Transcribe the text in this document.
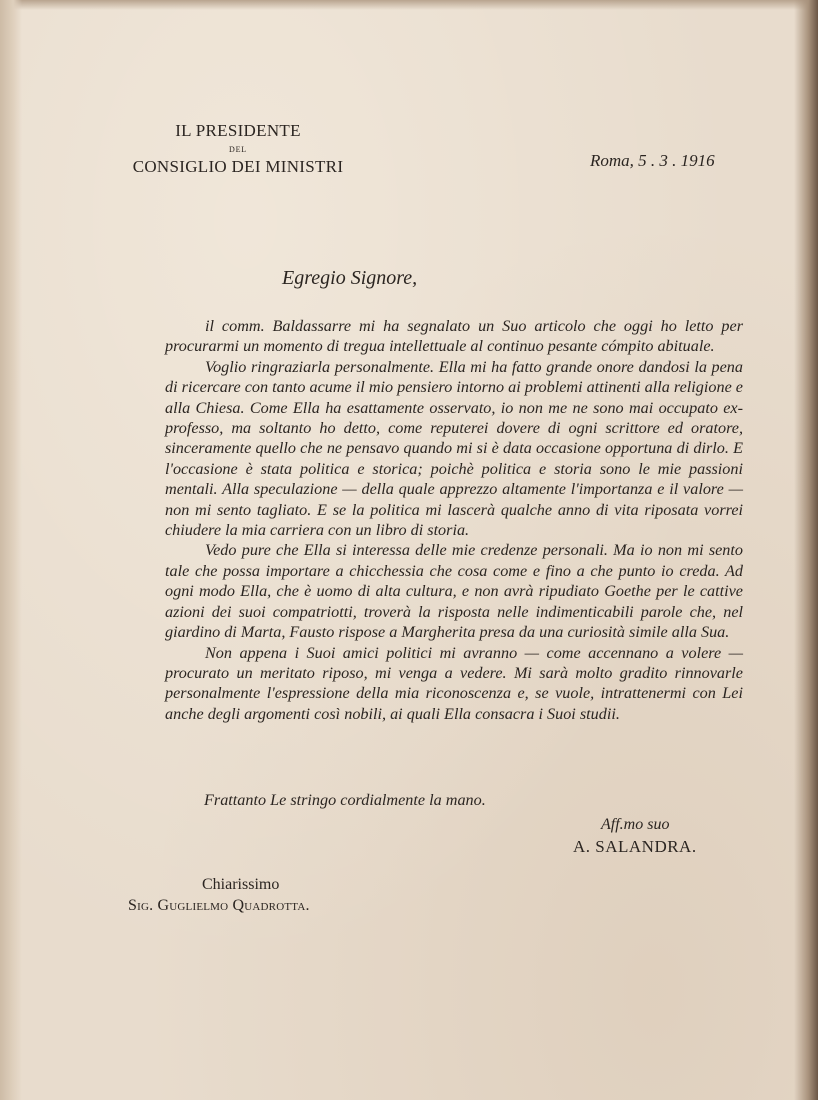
IL PRESIDENTE
DEL
CONSIGLIO DEI MINISTRI	Roma, 5 . 3 . 1916
Egregio Signore,

il comm. Baldassarre mi ha segnalato un Suo articolo che oggi ho letto per procurarmi un momento di tregua intellettuale al continuo pesante cómpito abituale.

Voglio ringraziarla personalmente. Ella mi ha fatto grande onore dandosi la pena di ricercare con tanto acume il mio pensiero intorno ai problemi attinenti alla religione e alla Chiesa. Come Ella ha esattamente osservato, io non me ne sono mai occupato ex-professo, ma soltanto ho detto, come reputerei dovere di ogni scrittore ed oratore, sinceramente quello che ne pensavo quando mi si è data occasione opportuna di dirlo. E l'occasione è stata politica e storica; poichè politica e storia sono le mie passioni mentali. Alla speculazione — della quale apprezzo altamente l'importanza e il valore — non mi sento tagliato. E se la politica mi lascerà qualche anno di vita riposata vorrei chiudere la mia carriera con un libro di storia.

Vedo pure che Ella si interessa delle mie credenze personali. Ma io non mi sento tale che possa importare a chicchessia che cosa come e fino a che punto io creda. Ad ogni modo Ella, che è uomo di alta cultura, e non avrà ripudiato Goethe per le cattive azioni dei suoi compatriotti, troverà la risposta nelle indimenticabili parole che, nel giardino di Marta, Fausto rispose a Margherita presa da una curiosità simile alla Sua.

Non appena i Suoi amici politici mi avranno — come accennano a volere — procurato un meritato riposo, mi venga a vedere. Mi sarà molto gradito rinnovarle personalmente l'espressione della mia riconoscenza e, se vuole, intrattenermi con Lei anche degli argomenti così nobili, ai quali Ella consacra i Suoi studii.

Frattanto Le stringo cordialmente la mano.
Aff.mo suo
A. SALANDRA.
Chiarissimo
Sig. Guglielmo Quadrotta.
